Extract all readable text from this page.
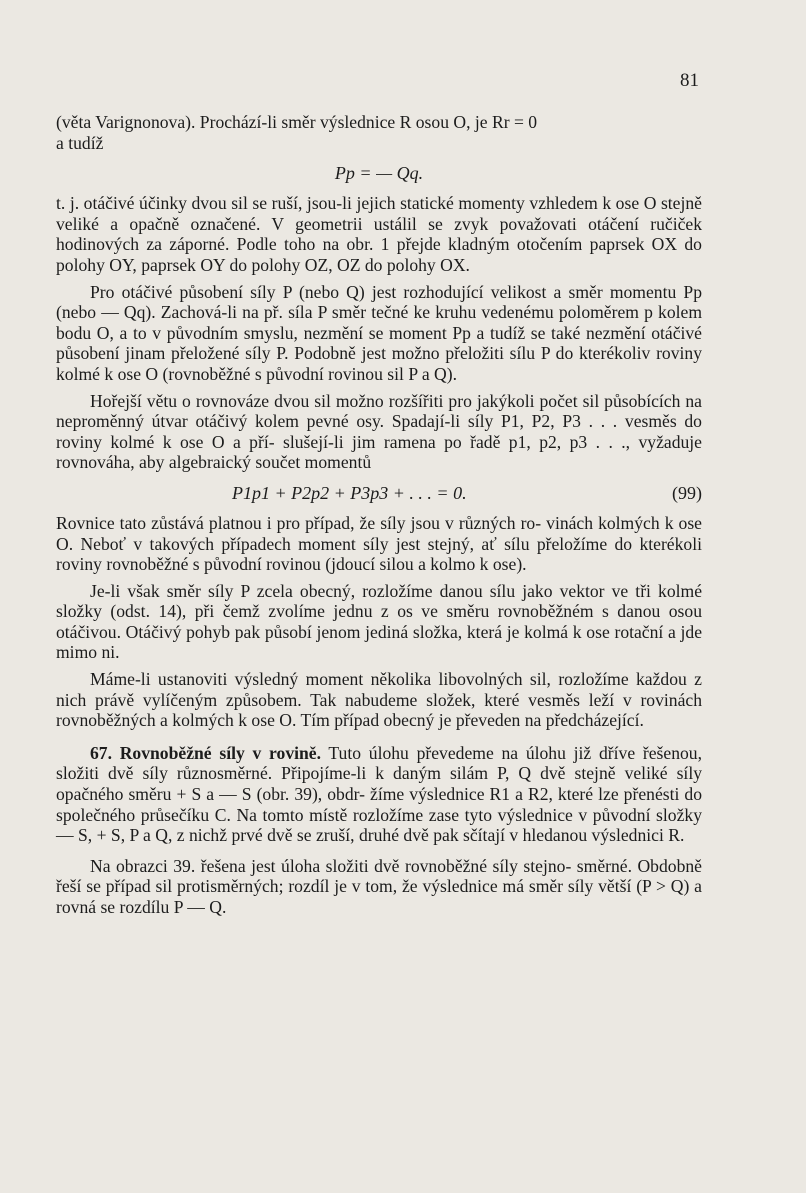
81

(věta Varignonova). Prochází-li směr výslednice R osou O, je Rr = 0
a tudíž

Pp = — Qq.

t. j. otáčivé účinky dvou sil se ruší, jsou-li jejich statické momenty vzhledem k ose O stejně veliké a opačně označené. V geometrii ustálil se zvyk považovati otáčení ručiček hodinových za záporné. Podle toho na obr. 1 přejde kladným otočením paprsek OX do polohy OY, paprsek OY do polohy OZ, OZ do polohy OX.

Pro otáčivé působení síly P (nebo Q) jest rozhodující velikost a směr momentu Pp (nebo — Qq). Zachová-li na př. síla P směr tečné ke kruhu vedenému poloměrem p kolem bodu O, a to v původním smyslu, nezmění se moment Pp a tudíž se také nezmění otáčivé působení jinam přeložené síly P. Podobně jest možno přeložiti sílu P do kterékoliv roviny kolmé k ose O (rovnoběžné s původní rovinou sil P a Q).

Hořejší větu o rovnováze dvou sil možno rozšířiti pro jakýkoli počet sil působících na neproměnný útvar otáčivý kolem pevné osy. Spadají-li síly P1, P2, P3 . . . vesměs do roviny kolmé k ose O a pří- slušejí-li jim ramena po řadě p1, p2, p3 . . ., vyžaduje rovnováha, aby algebraický součet momentů

P1p1 + P2p2 + P3p3 + . . . = 0.	(99)

Rovnice tato zůstává platnou i pro případ, že síly jsou v různých ro- vinách kolmých k ose O. Neboť v takových případech moment síly jest stejný, ať sílu přeložíme do kterékoli roviny rovnoběžné s původní rovinou (jdoucí silou a kolmo k ose).

Je-li však směr síly P zcela obecný, rozložíme danou sílu jako vektor ve tři kolmé složky (odst. 14), při čemž zvolíme jednu z os ve směru rovnoběžném s danou osou otáčivou. Otáčivý pohyb pak působí jenom jediná složka, která je kolmá k ose rotační a jde mimo ni.

Máme-li ustanoviti výsledný moment několika libovolných sil, rozložíme každou z nich právě vylíčeným způsobem. Tak nabudeme složek, které vesměs leží v rovinách rovnoběžných a kolmých k ose O. Tím případ obecný je převeden na předcházející.

67. Rovnoběžné síly v rovině. Tuto úlohu převedeme na úlohu již dříve řešenou, složiti dvě síly různosměrné. Připojíme-li k daným silám P, Q dvě stejně veliké síly opačného směru + S a — S (obr. 39), obdr- žíme výslednice R1 a R2, které lze přenésti do společného průsečíku C. Na tomto místě rozložíme zase tyto výslednice v původní složky — S, + S, P a Q, z nichž prvé dvě se zruší, druhé dvě pak sčítají v hledanou výslednici R.

Na obrazci 39. řešena jest úloha složiti dvě rovnoběžné síly stejno- směrné. Obdobně řeší se případ sil protisměrných; rozdíl je v tom, že výslednice má směr síly větší (P > Q) a rovná se rozdílu P — Q.
